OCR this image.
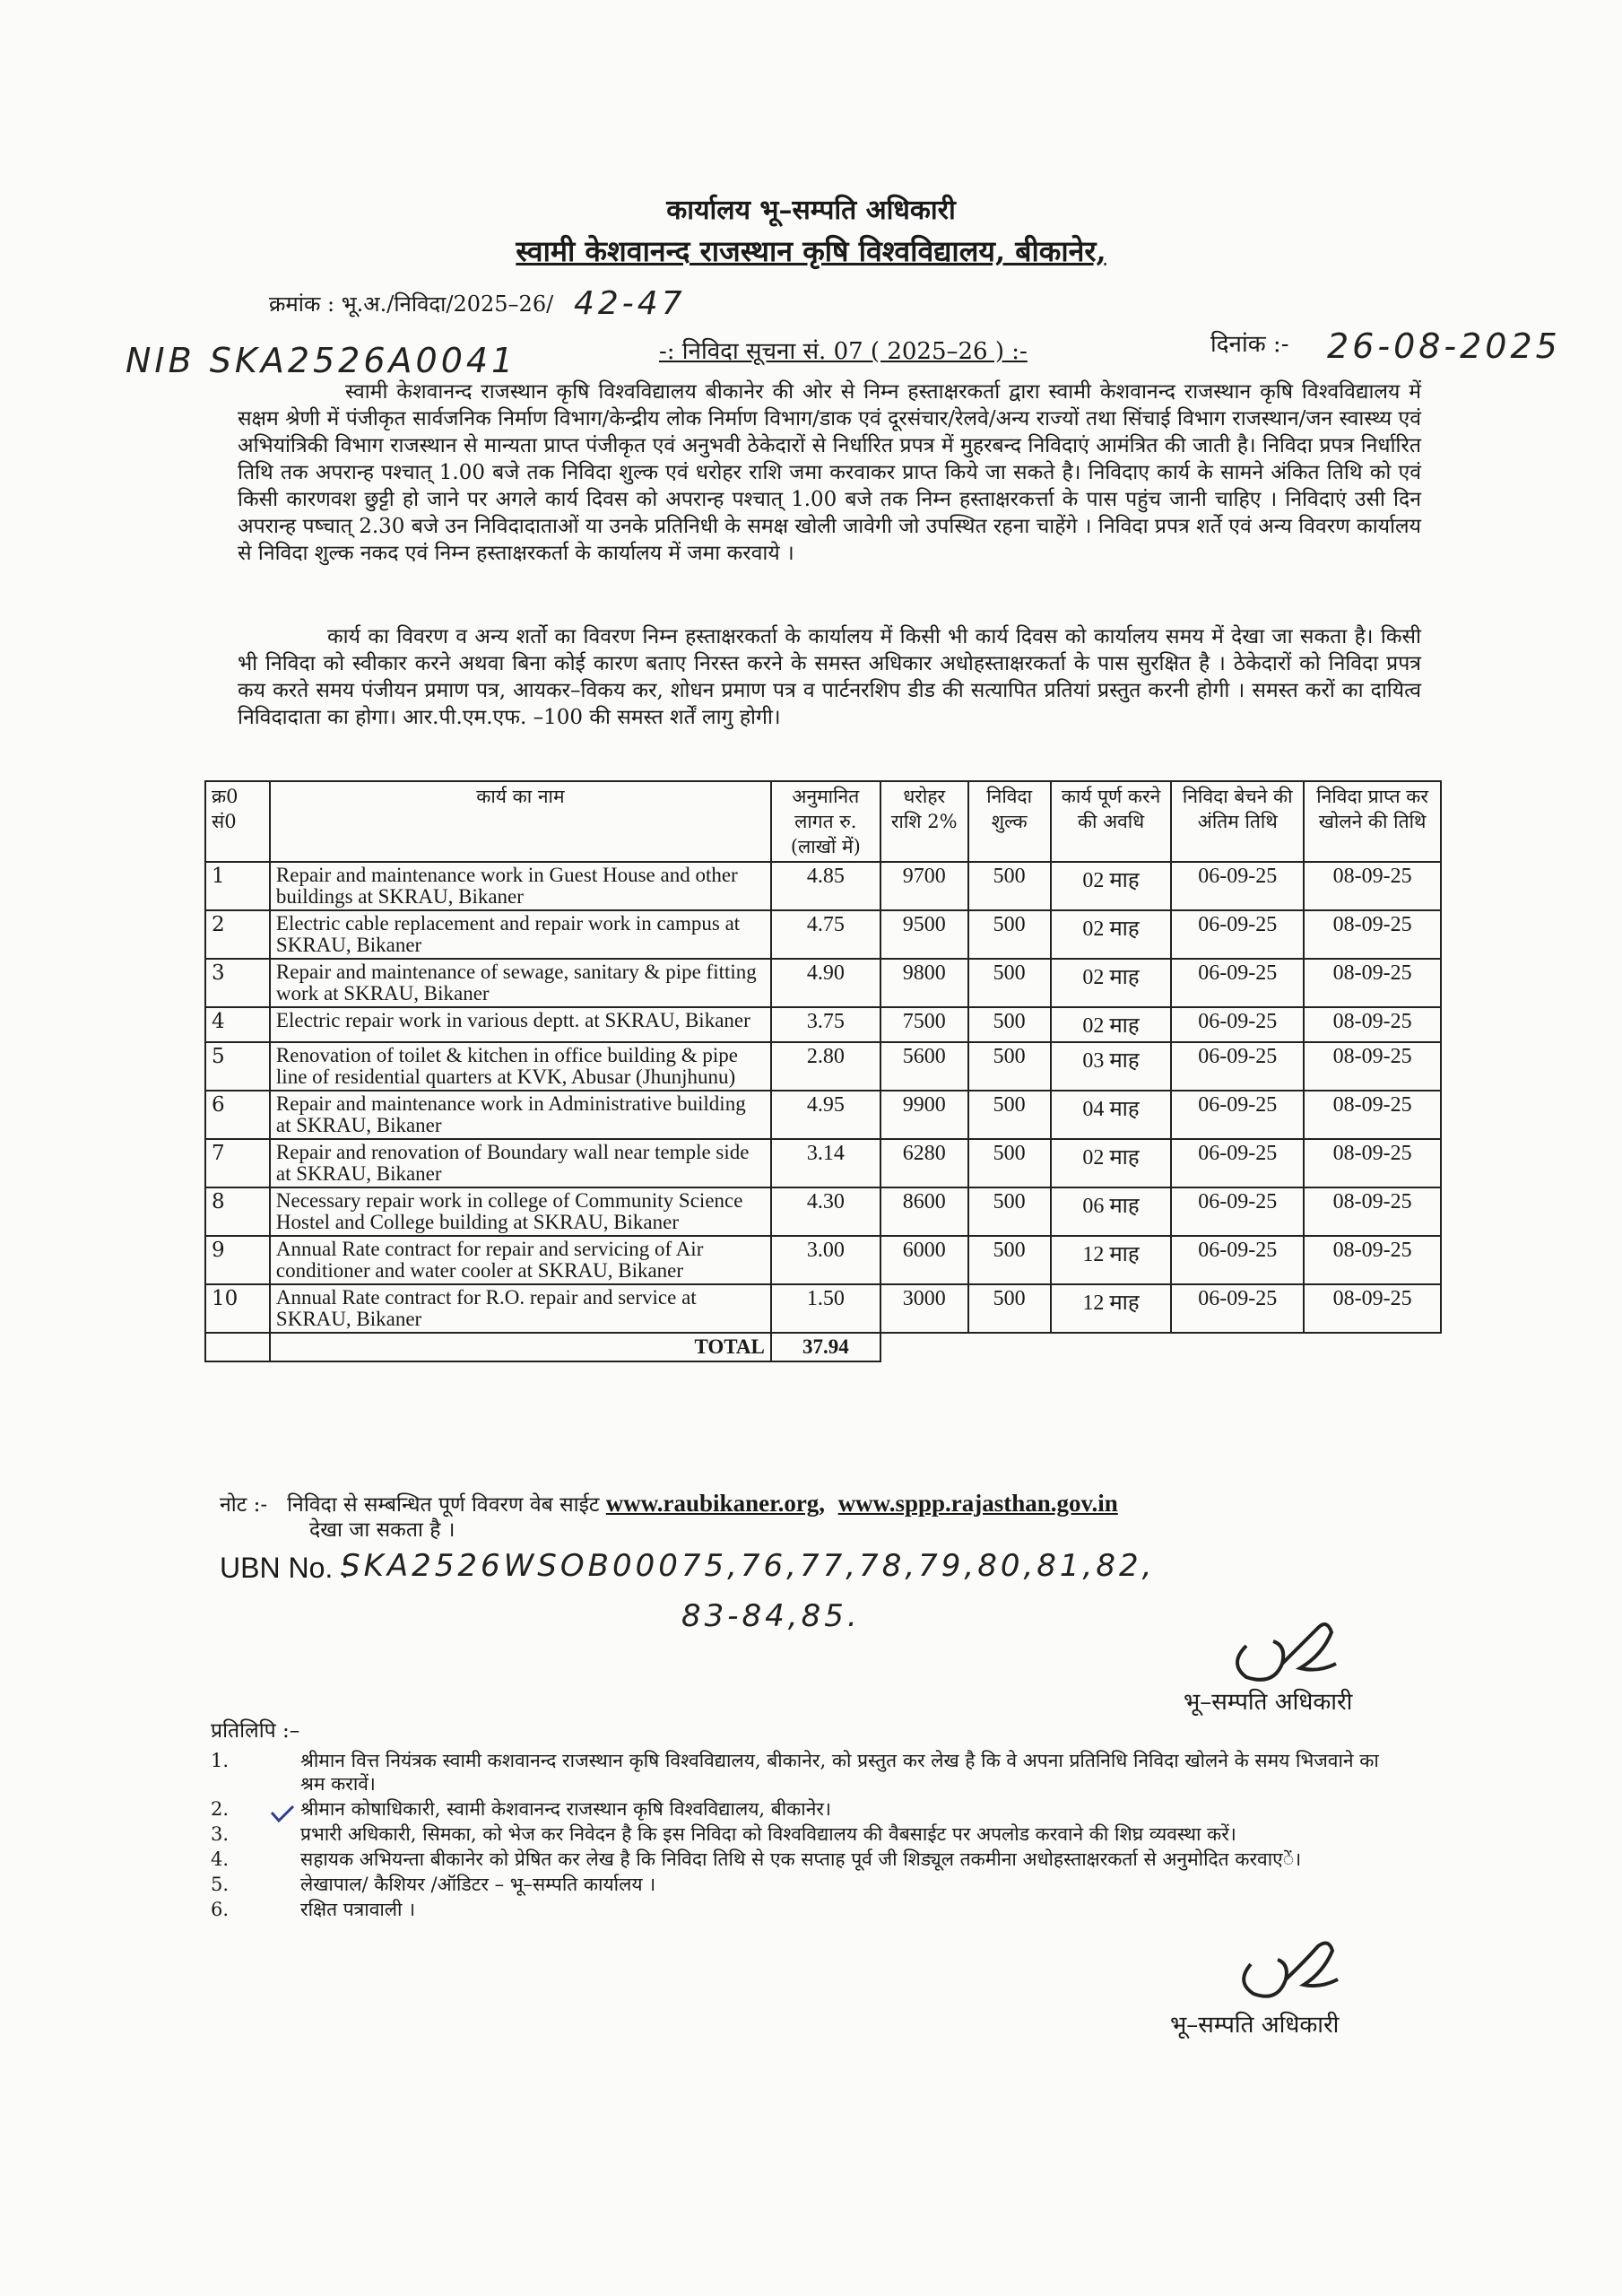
कार्यालय भू–सम्पति अधिकारी
स्वामी केशवानन्द राजस्थान कृषि विश्वविद्यालय, बीकानेर,
क्रमांक : भू.अ./निविदा/2025–26/ 42-47
NIB SKA2526A0041	-: निविदा सूचना सं. 07 ( 2025–26 ) :-	दिनांक :- 26-08-2025
स्वामी केशवानन्द राजस्थान कृषि विश्वविद्यालय बीकानेर की ओर से निम्न हस्ताक्षरकर्ता द्वारा स्वामी केशवानन्द राजस्थान कृषि विश्वविद्यालय में सक्षम श्रेणी में पंजीकृत सार्वजनिक निर्माण विभाग/केन्द्रीय लोक निर्माण विभाग/डाक एवं दूरसंचार/रेलवे/अन्य राज्यों तथा सिंचाई विभाग राजस्थान/जन स्वास्थ्य एवं अभियांत्रिकी विभाग राजस्थान से मान्यता प्राप्त पंजीकृत एवं अनुभवी ठेकेदारों से निर्धारित प्रपत्र में मुहरबन्द निविदाएं आमंत्रित की जाती है। निविदा प्रपत्र निर्धारित तिथि तक अपरान्ह पश्चात् 1.00 बजे तक निविदा शुल्क एवं धरोहर राशि जमा करवाकर प्राप्त किये जा सकते है। निविदाए कार्य के सामने अंकित तिथि को एवं किसी कारणवश छुट्टी हो जाने पर अगले कार्य दिवस को अपरान्ह पश्चात् 1.00 बजे तक निम्न हस्ताक्षरकर्त्ता के पास पहुंच जानी चाहिए । निविदाएं उसी दिन अपरान्ह पष्चात् 2.30 बजे उन निविदादाताओं या उनके प्रतिनिधी के समक्ष खोली जावेगी जो उपस्थित रहना चाहेंगे । निविदा प्रपत्र शर्ते एवं अन्य विवरण कार्यालय से निविदा शुल्क नकद एवं निम्न हस्ताक्षरकर्ता के कार्यालय में जमा करवाये ।
कार्य का विवरण व अन्य शर्तो का विवरण निम्न हस्ताक्षरकर्ता के कार्यालय में किसी भी कार्य दिवस को कार्यालय समय में देखा जा सकता है। किसी भी निविदा को स्वीकार करने अथवा बिना कोई कारण बताए निरस्त करने के समस्त अधिकार अधोहस्ताक्षरकर्ता के पास सुरक्षित है । ठेकेदारों को निविदा प्रपत्र कय करते समय पंजीयन प्रमाण पत्र, आयकर–विकय कर, शोधन प्रमाण पत्र व पार्टनरशिप डीड की सत्यापित प्रतियां प्रस्तुत करनी होगी । समस्त करों का दायित्व निविदादाता का होगा। आर.पी.एम.एफ. –100 की समस्त शर्तें लागु होगी।
क्र0 सं0	कार्य का नाम	अनुमानित लागत रु. (लाखों में)	धरोहर राशि 2%	निविदा शुल्क	कार्य पूर्ण करने की अवधि	निविदा बेचने की अंतिम तिथि	निविदा प्राप्त कर खोलने की तिथि
1	Repair and maintenance work in Guest House and other buildings at SKRAU, Bikaner	4.85	9700	500	02 माह	06-09-25	08-09-25
2	Electric cable replacement and repair work in campus at SKRAU, Bikaner	4.75	9500	500	02 माह	06-09-25	08-09-25
3	Repair and maintenance of sewage, sanitary & pipe fitting work at SKRAU, Bikaner	4.90	9800	500	02 माह	06-09-25	08-09-25
4	Electric repair work in various deptt. at SKRAU, Bikaner	3.75	7500	500	02 माह	06-09-25	08-09-25
5	Renovation of toilet & kitchen in office building & pipe line of residential quarters at KVK, Abusar (Jhunjhunu)	2.80	5600	500	03 माह	06-09-25	08-09-25
6	Repair and maintenance work in Administrative building at SKRAU, Bikaner	4.95	9900	500	04 माह	06-09-25	08-09-25
7	Repair and renovation of Boundary wall near temple side at SKRAU, Bikaner	3.14	6280	500	02 माह	06-09-25	08-09-25
8	Necessary repair work in college of Community Science Hostel and College building at SKRAU, Bikaner	4.30	8600	500	06 माह	06-09-25	08-09-25
9	Annual Rate contract for repair and servicing of Air conditioner and water cooler at SKRAU, Bikaner	3.00	6000	500	12 माह	06-09-25	08-09-25
10	Annual Rate contract for R.O. repair and service at SKRAU, Bikaner	1.50	3000	500	12 माह	06-09-25	08-09-25
	TOTAL	37.94					
नोट :- निविदा से सम्बन्धित पूर्ण विवरण वेब साईट www.raubikaner.org, www.sppp.rajasthan.gov.in
देखा जा सकता है ।
UBN No. :
SKA2526WSOB00075,76,77,78,79,80,81,82,
83-84,85.
भू–सम्पति अधिकारी
प्रतिलिपि :–
1.	श्रीमान वित्त नियंत्रक स्वामी कशवानन्द राजस्थान कृषि विश्वविद्यालय, बीकानेर, को प्रस्तुत कर लेख है कि वे अपना प्रतिनिधि निविदा खोलने के समय भिजवाने का श्रम करावें।
2.	श्रीमान कोषाधिकारी, स्वामी केशवानन्द राजस्थान कृषि विश्वविद्यालय, बीकानेर।
3.	प्रभारी अधिकारी, सिमका, को भेज कर निवेदन है कि इस निविदा को विश्वविद्यालय की वैबसाईट पर अपलोड करवाने की शिघ्र व्यवस्था करें।
4.	सहायक अभियन्ता बीकानेर को प्रेषित कर लेख है कि निविदा तिथि से एक सप्ताह पूर्व जी शिड्यूल तकमीना अधोहस्ताक्षरकर्ता से अनुमोदित करवाएें।
5.	लेखापाल/ कैशियर /ऑडिटर – भू–सम्पति कार्यालय ।
6.	रक्षित पत्रावाली ।
भू–सम्पति अधिकारी
